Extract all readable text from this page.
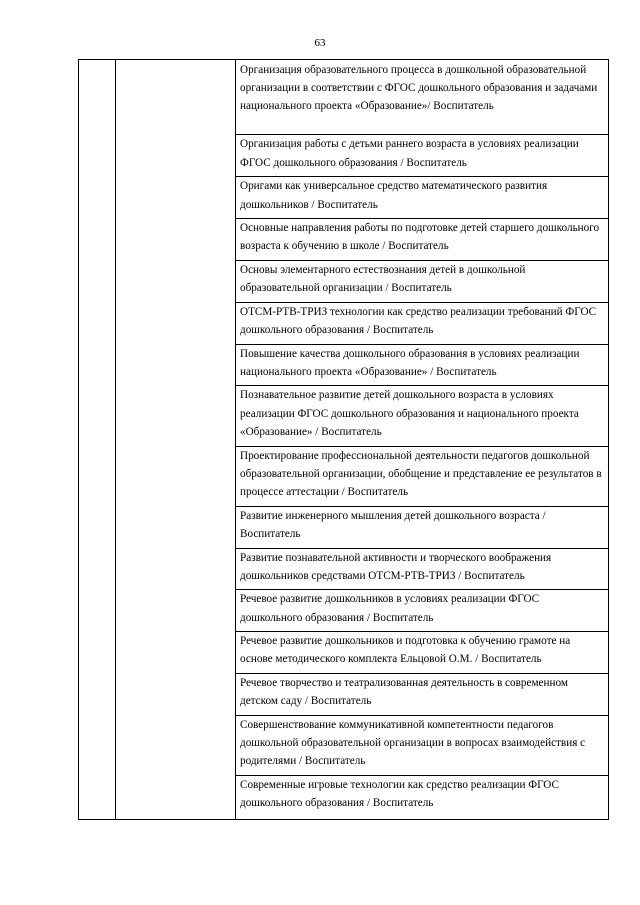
63

Организация образовательного процесса в дошкольной образовательной организации в соответствии с ФГОС дошкольного образования и задачами национального проекта «Образование»/ Воспитатель

Организация работы с детьми раннего возраста в условиях реализации ФГОС дошкольного образования / Воспитатель

Оригами как универсальное средство математического развития дошкольников / Воспитатель

Основные направления работы по подготовке детей старшего дошкольного возраста к обучению в школе / Воспитатель

Основы элементарного естествознания детей в дошкольной образовательной организации / Воспитатель

ОТСМ-РТВ-ТРИЗ технологии как средство реализации требований ФГОС дошкольного образования / Воспитатель

Повышение качества дошкольного образования в условиях реализации национального проекта «Образование» / Воспитатель

Познавательное развитие детей дошкольного возраста в условиях реализации ФГОС дошкольного образования и национального проекта «Образование» / Воспитатель

Проектирование профессиональной деятельности педагогов дошкольной образовательной организации, обобщение и представление ее результатов в процессе аттестации / Воспитатель

Развитие инженерного мышления детей дошкольного возраста / Воспитатель

Развитие познавательной активности и творческого воображения дошкольников средствами ОТСМ-РТВ-ТРИЗ / Воспитатель

Речевое развитие дошкольников в условиях реализации ФГОС дошкольного образования / Воспитатель

Речевое развитие дошкольников и подготовка к обучению грамоте на основе методического комплекта Ельцовой О.М. / Воспитатель

Речевое творчество и театрализованная деятельность в современном детском саду / Воспитатель

Совершенствование коммуникативной компетентности педагогов дошкольной образовательной организации в вопросах взаимодействия с родителями / Воспитатель

Современные игровые технологии как средство реализации ФГОС дошкольного образования / Воспитатель
